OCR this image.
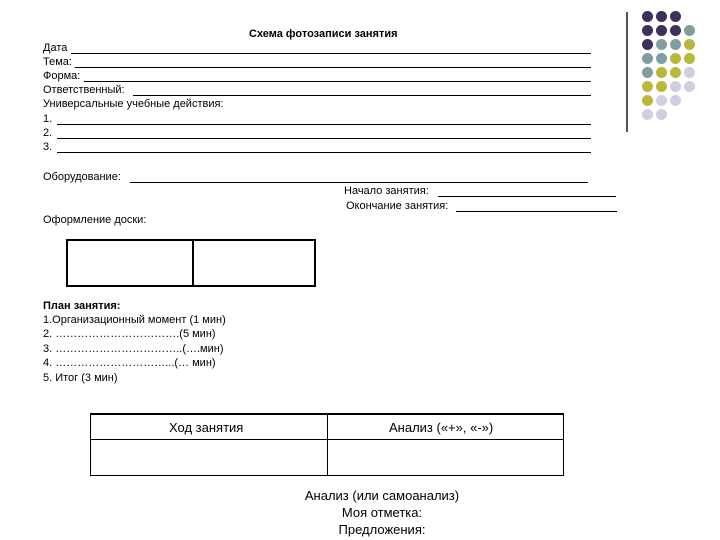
Схема фотозаписи занятия
Дата
Тема:
Форма:
Ответственный:
Универсальные учебные действия:
1.
2.
3.
Оборудование:
Начало занятия:
Окончание занятия:
Оформление доски:
План занятия:
1.Организационный момент (1 мин)
2. …………………………….(5 мин)
3. ……………………………..(….мин)
4. …………………………...(… мин)
5. Итог (3 мин)
Ход занятия	Анализ («+», «-»)
Анализ (или самоанализ)
Моя отметка:
Предложения:
